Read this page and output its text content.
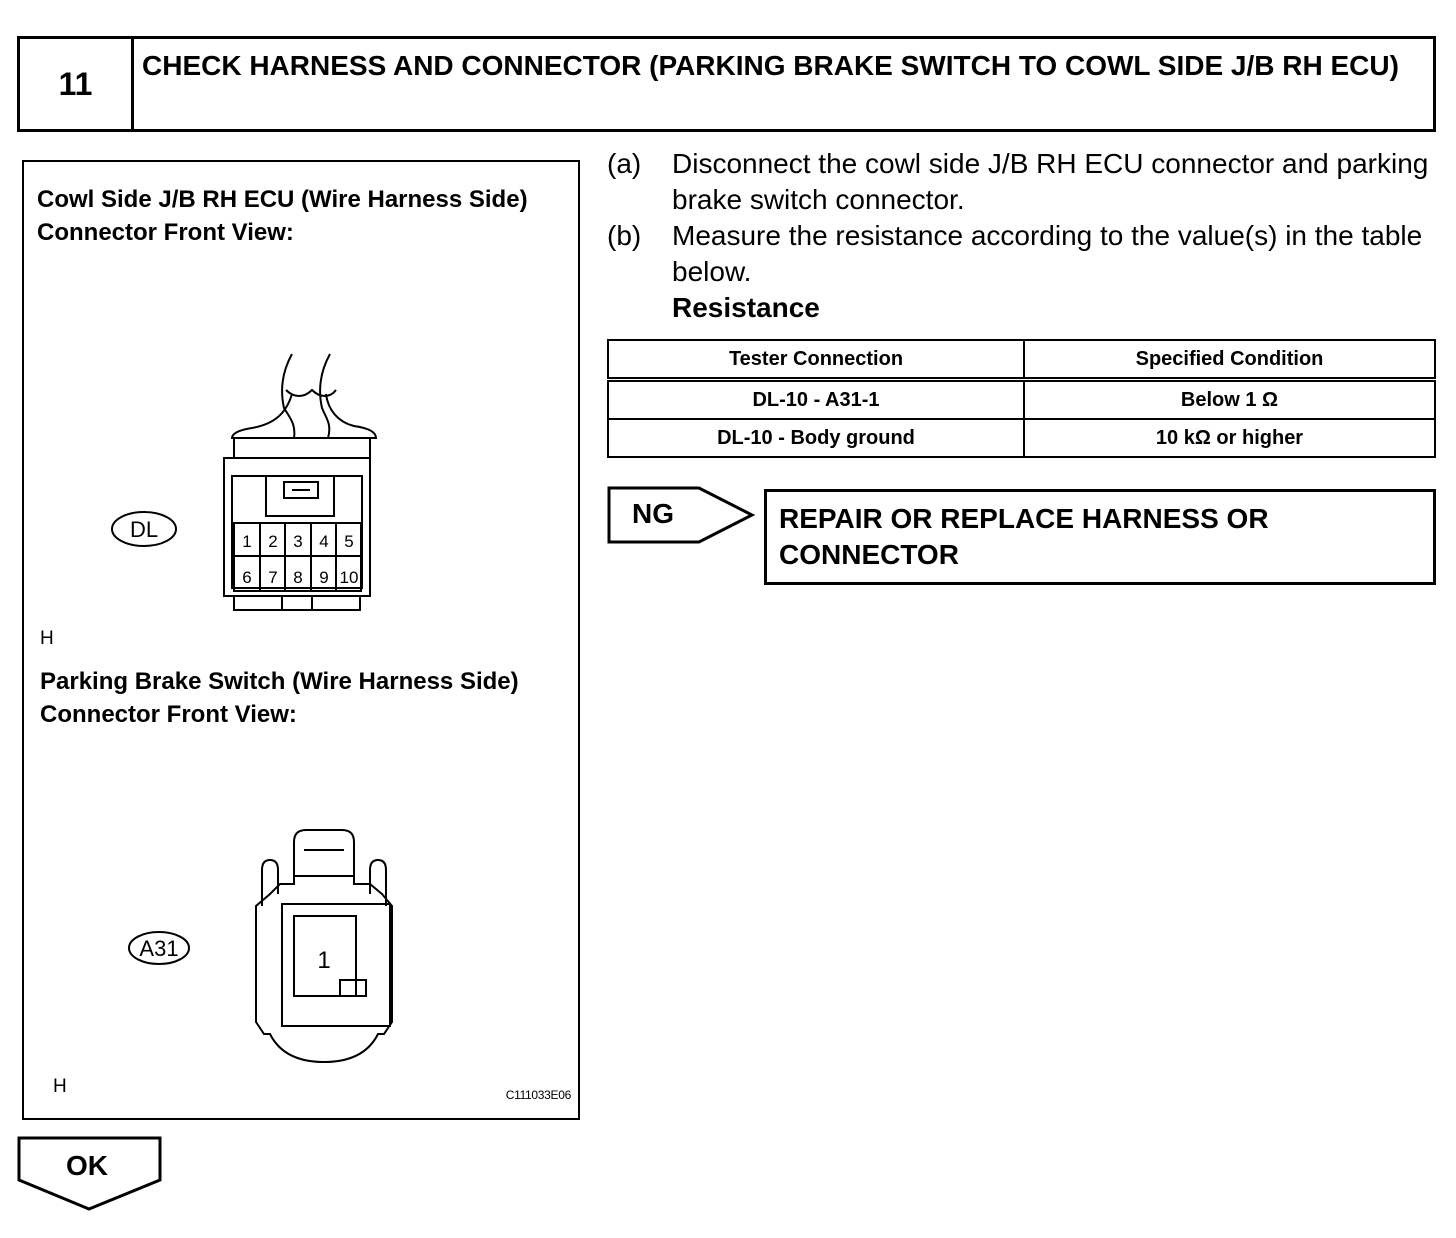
11	CHECK HARNESS AND CONNECTOR (PARKING BRAKE SWITCH TO COWL SIDE J/B RH ECU)
Cowl Side J/B RH ECU (Wire Harness Side) Connector Front View:
1 2 3 4 5
6 7 8 9 10
DL
1
A31
H
Parking Brake Switch (Wire Harness Side) Connector Front View:
H	C111033E06
(a) Disconnect the cowl side J/B RH ECU connector and parking brake switch connector.
(b) Measure the resistance according to the value(s) in the table below.
Resistance
Tester Connection	Specified Condition
DL-10 - A31-1	Below 1 Ω
DL-10 - Body ground	10 kΩ or higher
NG	REPAIR OR REPLACE HARNESS OR CONNECTOR
OK
